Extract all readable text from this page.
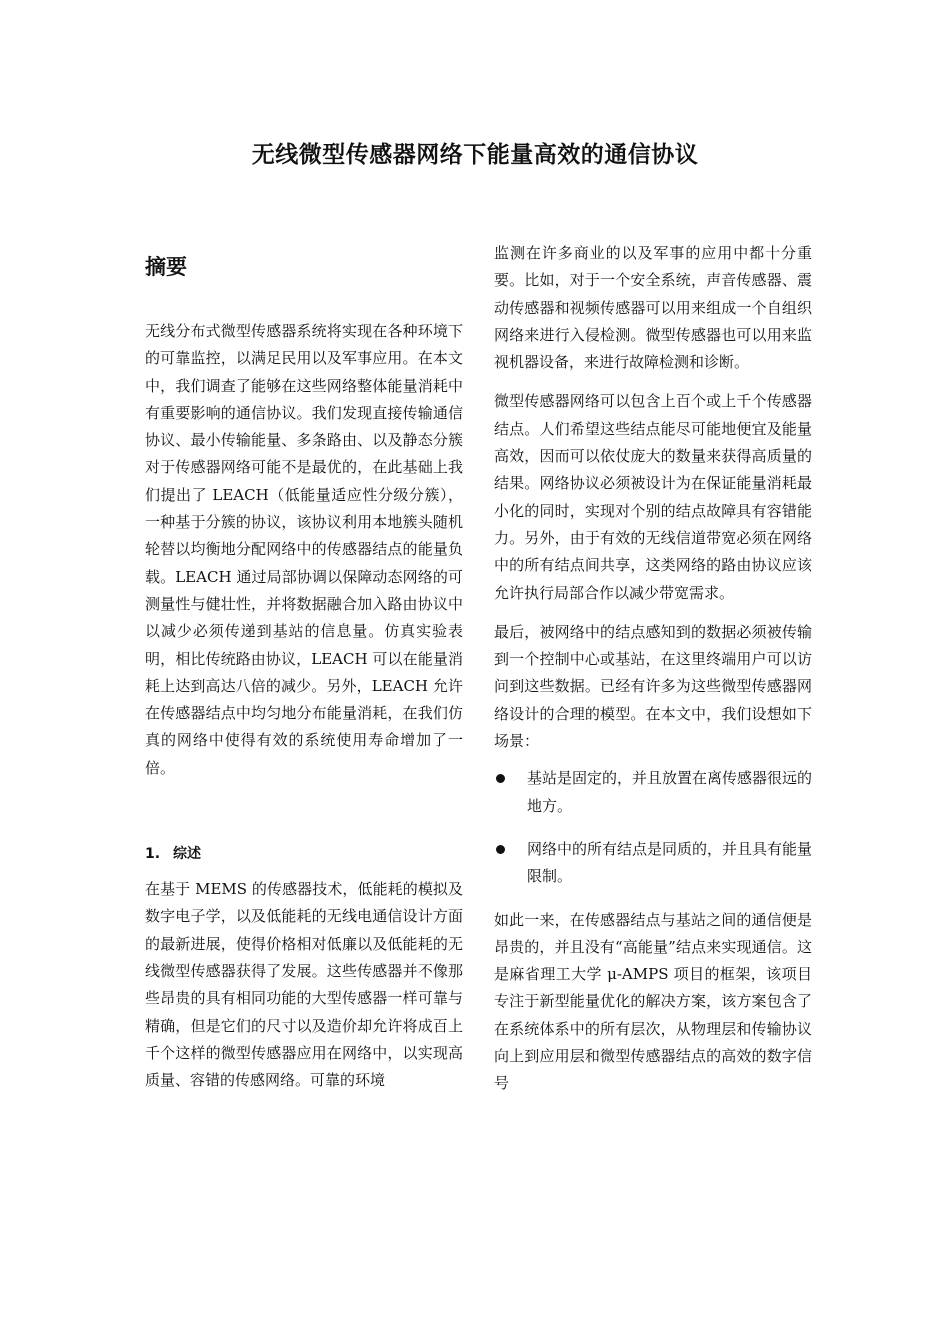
无线微型传感器网络下能量高效的通信协议
摘要

无线分布式微型传感器系统将实现在各种环境下的可靠监控，以满足民用以及军事应用。在本文中，我们调查了能够在这些网络整体能量消耗中有重要影响的通信协议。我们发现直接传输通信协议、最小传输能量、多条路由、以及静态分簇对于传感器网络可能不是最优的，在此基础上我们提出了 LEACH（低能量适应性分级分簇），一种基于分簇的协议，该协议利用本地簇头随机轮替以均衡地分配网络中的传感器结点的能量负载。LEACH 通过局部协调以保障动态网络的可测量性与健壮性，并将数据融合加入路由协议中以减少必须传递到基站的信息量。仿真实验表明，相比传统路由协议，LEACH 可以在能量消耗上达到高达八倍的减少。另外，LEACH 允许在传感器结点中均匀地分布能量消耗，在我们仿真的网络中使得有效的系统使用寿命增加了一倍。

1. 综述

在基于 MEMS 的传感器技术，低能耗的模拟及数字电子学，以及低能耗的无线电通信设计方面的最新进展，使得价格相对低廉以及低能耗的无线微型传感器获得了发展。这些传感器并不像那些昂贵的具有相同功能的大型传感器一样可靠与精确，但是它们的尺寸以及造价却允许将成百上千个这样的微型传感器应用在网络中，以实现高质量、容错的传感网络。可靠的环境

监测在许多商业的以及军事的应用中都十分重要。比如，对于一个安全系统，声音传感器、震动传感器和视频传感器可以用来组成一个自组织网络来进行入侵检测。微型传感器也可以用来监视机器设备，来进行故障检测和诊断。

微型传感器网络可以包含上百个或上千个传感器结点。人们希望这些结点能尽可能地便宜及能量高效，因而可以依仗庞大的数量来获得高质量的结果。网络协议必须被设计为在保证能量消耗最小化的同时，实现对个别的结点故障具有容错能力。另外，由于有效的无线信道带宽必须在网络中的所有结点间共享，这类网络的路由协议应该允许执行局部合作以减少带宽需求。

最后，被网络中的结点感知到的数据必须被传输到一个控制中心或基站，在这里终端用户可以访问到这些数据。已经有许多为这些微型传感器网络设计的合理的模型。在本文中，我们设想如下场景：

基站是固定的，并且放置在离传感器很远的地方。
网络中的所有结点是同质的，并且具有能量限制。

如此一来，在传感器结点与基站之间的通信便是昂贵的，并且没有“高能量”结点来实现通信。这是麻省理工大学 μ-AMPS 项目的框架，该项目专注于新型能量优化的解决方案，该方案包含了在系统体系中的所有层次，从物理层和传输协议向上到应用层和微型传感器结点的高效的数字信号
